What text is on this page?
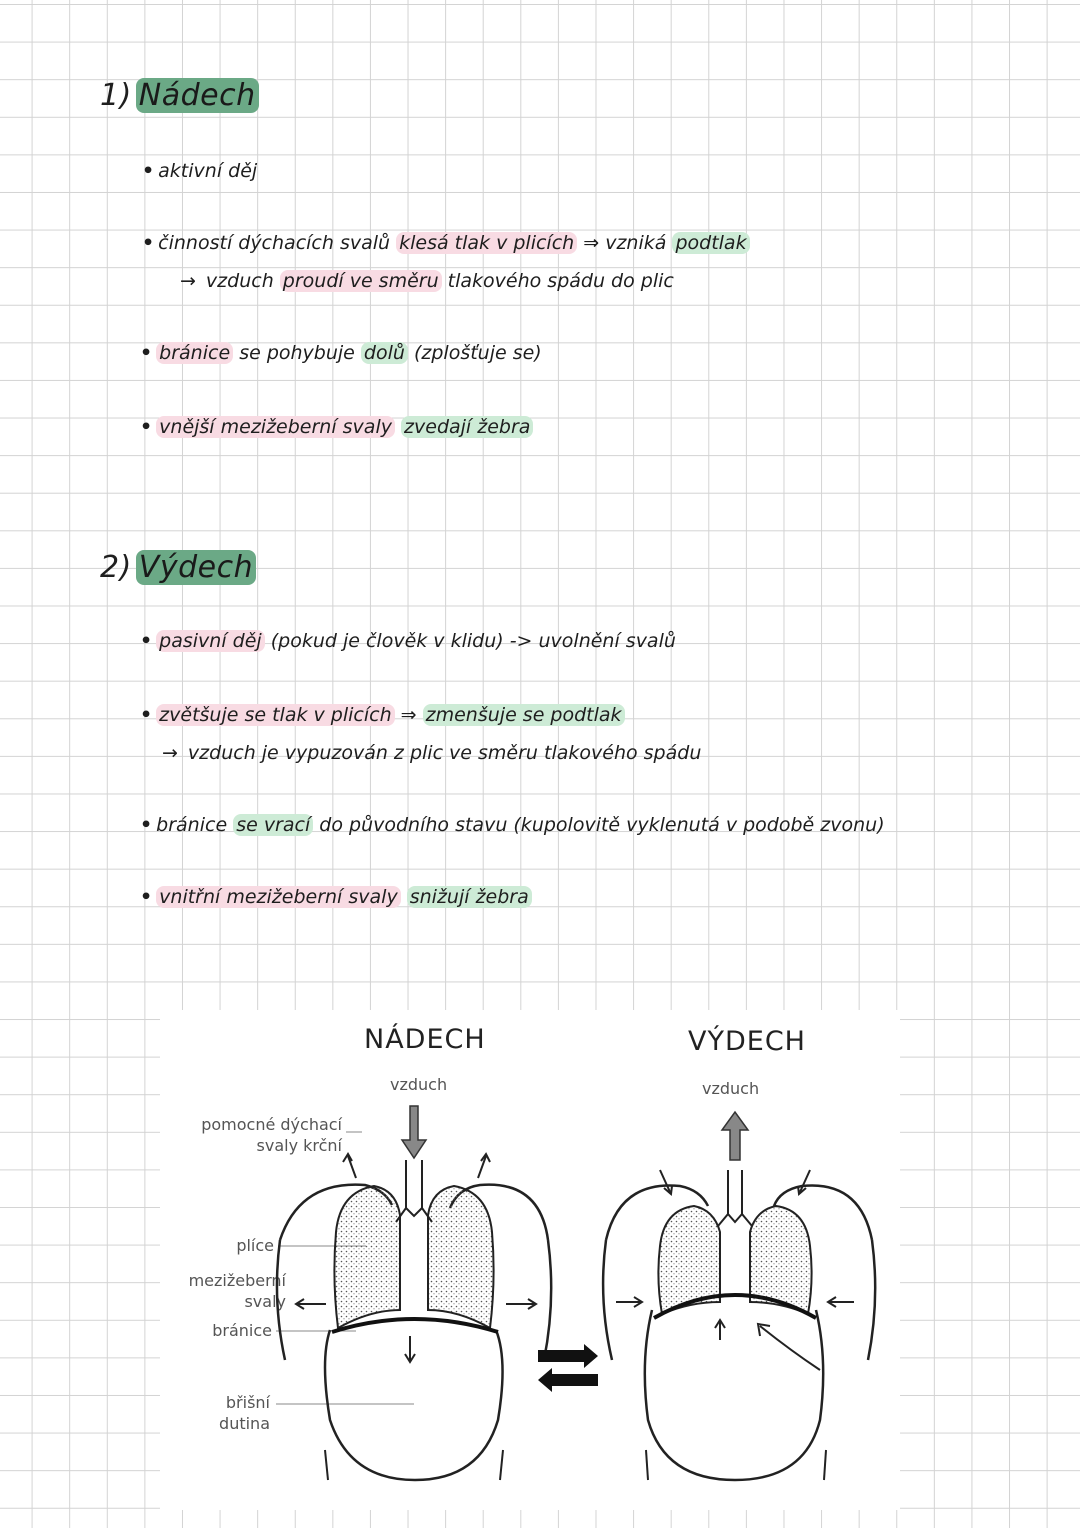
1) Nádech
• aktivní děj
• činností dýchacích svalů klesá tlak v plicích ⇒ vzniká podtlak
→ vzduch proudí ve směru tlakového spádu do plic
• bránice se pohybuje dolů (zplošťuje se)
• vnější mezižeberní svaly zvedají žebra
2) Výdech
• pasivní děj (pokud je člověk v klidu) -> uvolnění svalů
• zvětšuje se tlak v plicích ⇒ zmenšuje se podtlak
→ vzduch je vypuzován z plic ve směru tlakového spádu
• bránice se vrací do původního stavu (kupolovitě vyklenutá v podobě zvonu)
• vnitřní mezižeberní svaly snižují žebra
NÁDECH	VÝDECH
vzduch	vzduch
pomocné dýchací
svaly krční
plíce
mezižeberní
svaly
bránice
břišní dutina
